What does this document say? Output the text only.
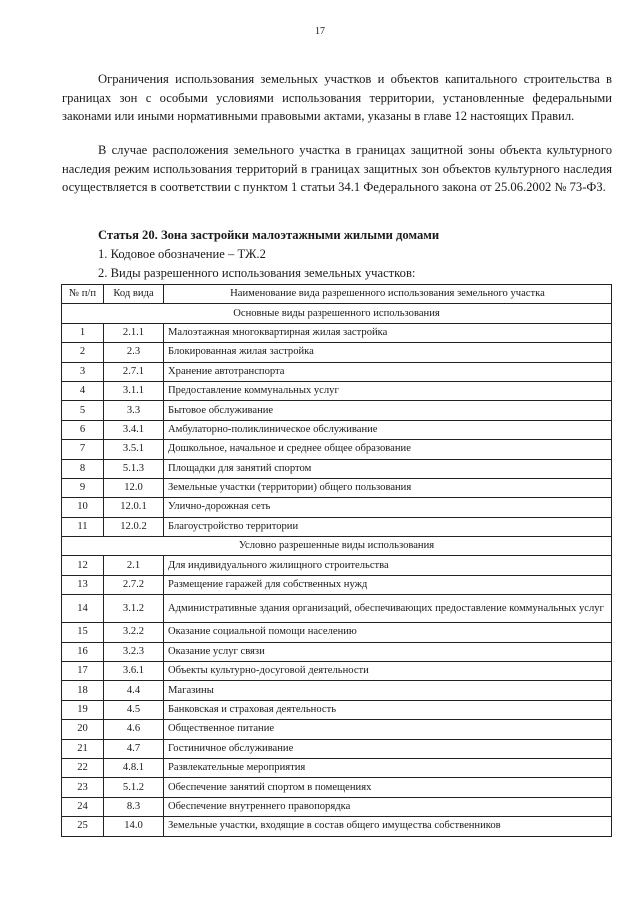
17

Ограничения использования земельных участков и объектов капитального строительства в границах зон с особыми условиями использования территории, установленные федеральными законами или иными нормативными правовыми актами, указаны в главе 12 настоящих Правил.

В случае расположения земельного участка в границах защитной зоны объекта культурного наследия режим использования территорий в границах защитных зон объектов культурного наследия осуществляется в соответствии с пунктом 1 статьи 34.1 Федерального закона от 25.06.2002 № 73-ФЗ.

Статья 20. Зона застройки малоэтажными жилыми домами

1. Кодовое обозначение – ТЖ.2
2. Виды разрешенного использования земельных участков:
№ п/п	Код вида	Наименование вида разрешенного использования земельного участка
Основные виды разрешенного использования		
1	2.1.1	Малоэтажная многоквартирная жилая застройка
2	2.3	Блокированная жилая застройка
3	2.7.1	Хранение автотранспорта
4	3.1.1	Предоставление коммунальных услуг
5	3.3	Бытовое обслуживание
6	3.4.1	Амбулаторно-поликлиническое обслуживание
7	3.5.1	Дошкольное, начальное и среднее общее образование
8	5.1.3	Площадки для занятий спортом
9	12.0	Земельные участки (территории) общего пользования
10	12.0.1	Улично-дорожная сеть
11	12.0.2	Благоустройство территории
Условно разрешенные виды использования		
12	2.1	Для индивидуального жилищного строительства
13	2.7.2	Размещение гаражей для собственных нужд
14	3.1.2	Административные здания организаций, обеспечивающих предоставление коммунальных услуг
15	3.2.2	Оказание социальной помощи населению
16	3.2.3	Оказание услуг связи
17	3.6.1	Объекты культурно-досуговой деятельности
18	4.4	Магазины
19	4.5	Банковская и страховая деятельность
20	4.6	Общественное питание
21	4.7	Гостиничное обслуживание
22	4.8.1	Развлекательные мероприятия
23	5.1.2	Обеспечение занятий спортом в помещениях
24	8.3	Обеспечение внутреннего правопорядка
25	14.0	Земельные участки, входящие в состав общего имущества собственников
